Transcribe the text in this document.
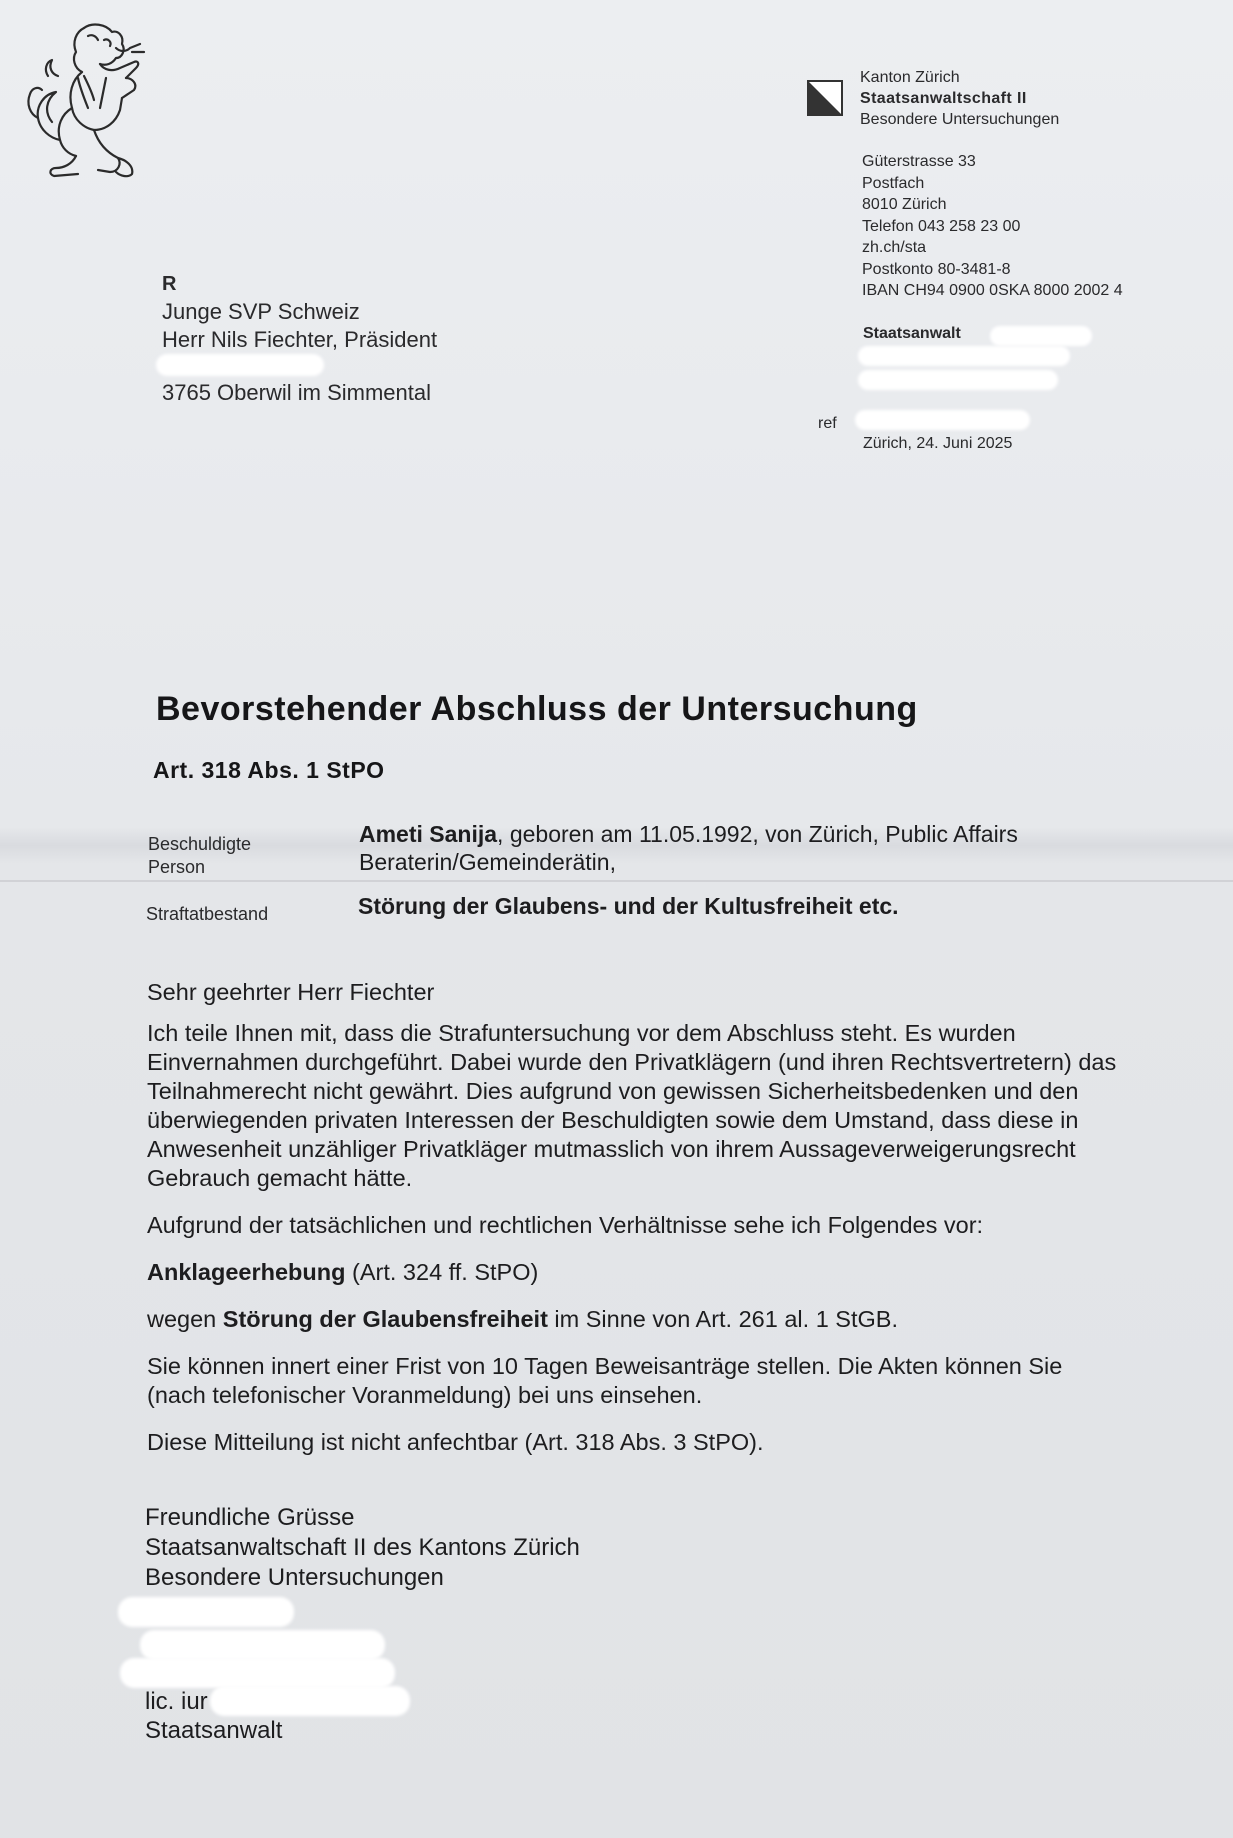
Kanton Zürich
Staatsanwaltschaft II
Besondere Untersuchungen
Güterstrasse 33
Postfach
8010 Zürich
Telefon 043 258 23 00
zh.ch/sta
Postkonto 80-3481-8
IBAN CH94 0900 0SKA 8000 2002 4
Staatsanwalt
ref
Zürich, 24. Juni 2025
R
Junge SVP Schweiz
Herr Nils Fiechter, Präsident
3765 Oberwil im Simmental
Bevorstehender Abschluss der Untersuchung
Art. 318 Abs. 1 StPO
Beschuldigte
Person
Ameti Sanija, geboren am 11.05.1992, von Zürich, Public Affairs
Beraterin/Gemeinderätin,
Straftatbestand	Störung der Glaubens- und der Kultusfreiheit etc.

Sehr geehrter Herr Fiechter

Ich teile Ihnen mit, dass die Strafuntersuchung vor dem Abschluss steht. Es wurden Einvernahmen durchgeführt. Dabei wurde den Privatklägern (und ihren Rechtsvertretern) das Teilnahmerecht nicht gewährt. Dies aufgrund von gewissen Sicherheitsbedenken und den überwiegenden privaten Interessen der Beschuldigten sowie dem Umstand, dass diese in Anwesenheit unzähliger Privatkläger mutmasslich von ihrem Aussageverweigerungsrecht Gebrauch gemacht hätte.

Aufgrund der tatsächlichen und rechtlichen Verhältnisse sehe ich Folgendes vor:

Anklageerhebung (Art. 324 ff. StPO)

wegen Störung der Glaubensfreiheit im Sinne von Art. 261 al. 1 StGB.

Sie können innert einer Frist von 10 Tagen Beweisanträge stellen. Die Akten können Sie (nach telefonischer Voranmeldung) bei uns einsehen.

Diese Mitteilung ist nicht anfechtbar (Art. 318 Abs. 3 StPO).

Freundliche Grüsse
Staatsanwaltschaft II des Kantons Zürich
Besondere Untersuchungen
lic. iur
Staatsanwalt
